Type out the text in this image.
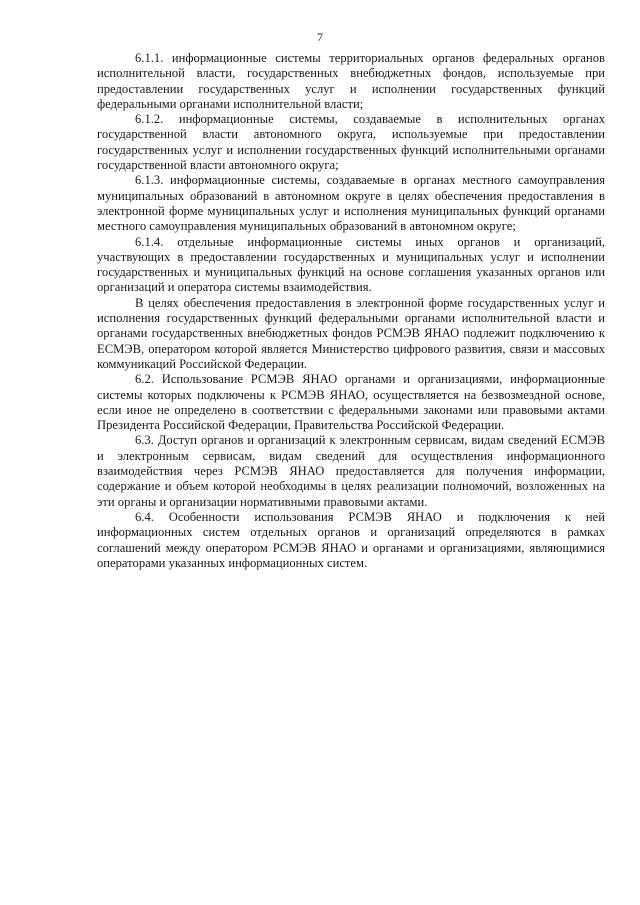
7

6.1.1. информационные системы территориальных органов федеральных органов исполнительной власти, государственных внебюджетных фондов, используемые при предоставлении государственных услуг и исполнении государственных функций федеральными органами исполнительной власти;

6.1.2. информационные системы, создаваемые в исполнительных органах государственной власти автономного округа, используемые при предоставлении государственных услуг и исполнении государственных функций исполнительными органами государственной власти автономного округа;

6.1.3. информационные системы, создаваемые в органах местного самоуправления муниципальных образований в автономном округе в целях обеспечения предоставления в электронной форме муниципальных услуг и исполнения муниципальных функций органами местного самоуправления муниципальных образований в автономном округе;

6.1.4. отдельные информационные системы иных органов и организаций, участвующих в предоставлении государственных и муниципальных услуг и исполнении государственных и муниципальных функций на основе соглашения указанных органов или организаций и оператора системы взаимодействия.

В целях обеспечения предоставления в электронной форме государственных услуг и исполнения государственных функций федеральными органами исполнительной власти и органами государственных внебюджетных фондов РСМЭВ ЯНАО подлежит подключению к ЕСМЭВ, оператором которой является Министерство цифрового развития, связи и массовых коммуникаций Российской Федерации.

6.2. Использование РСМЭВ ЯНАО органами и организациями, информационные системы которых подключены к РСМЭВ ЯНАО, осуществляется на безвозмездной основе, если иное не определено в соответствии с федеральными законами или правовыми актами Президента Российской Федерации, Правительства Российской Федерации.

6.3. Доступ органов и организаций к электронным сервисам, видам сведений ЕСМЭВ и электронным сервисам, видам сведений для осуществления информационного взаимодействия через РСМЭВ ЯНАО предоставляется для получения информации, содержание и объем которой необходимы в целях реализации полномочий, возложенных на эти органы и организации нормативными правовыми актами.

6.4. Особенности использования РСМЭВ ЯНАО и подключения к ней информационных систем отдельных органов и организаций определяются в рамках соглашений между оператором РСМЭВ ЯНАО и органами и организациями, являющимися операторами указанных информационных систем.
